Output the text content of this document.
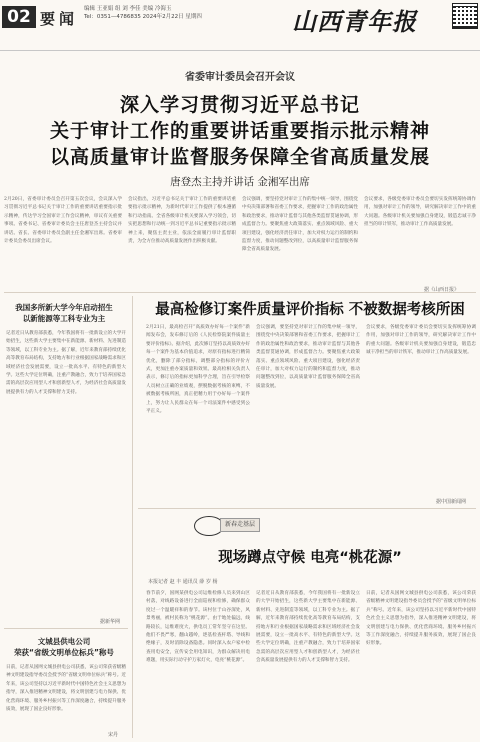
02 要闻
编辑 王亚娟 组 刘 李佳 美编 冷海玉
Tel：0351—4786835 2024年2月22日 星期四	山西青年报
省委审计委员会召开会议
深入学习贯彻习近平总书记
关于审计工作的重要讲话重要指示批示精神
以高质量审计监督服务保障全省高质量发展
唐登杰主持并讲话 金湘军出席
2月20日，省委审计委员会召开第五次会议，会议深入学习贯彻习近平总书记关于审计工作的重要讲话重要指示批示精神，传达学习全国审计工作会议精神，审议有关重要事项。省委书记、省委审计委员会主任唐登杰主持会议并讲话。省长、省委审计委员会副主任金湘军出席。省委审计委员会委员出席会议。
会议指出，习近平总书记关于审计工作的重要讲话重要指示批示精神，为新时代审计工作提供了根本遵循和行动指南。全省各级审计机关要深入学习领会，切实把思想和行动统一到习近平总书记重要指示批示精神上来，聚焦主责主业，依法全面履行审计监督职责，为全方位推动高质量发展作出积极贡献。
会议强调，要坚持党对审计工作的集中统一领导，围绕党中央决策部署和省委工作要求，把握审计工作的政治属性和政治要求，推动审计监督与其他各类监督贯通协调，形成监督合力。要聚焦重大政策落实、重点领域风险、重大项目建设，强化经济责任审计，加大对权力运行的制约和监督力度，推动问题整改到位，以高质量审计监督服务保障全省高质量发展。
会议要求，各级党委审计委员会要切实发挥统筹协调作用，加强对审计工作的领导，研究解决审计工作中的重大问题。各级审计机关要加强自身建设，锻造忠诚干净担当的审计铁军，推动审计工作高质量发展。
我国多所新大学今年启动招生
以新能源等工科专业为主
记者近日从教育部获悉，今年我国将有一批新设立的大学开始招生，这些新大学主要集中在新能源、新材料、先进制造等领域，以工科专业为主。据了解，近年来教育部持续优化高等教育布局结构，支持地方和行业根据国家战略需求和区域经济社会发展需要，设立一批高水平、有特色的新型大学。这些大学定位明确，注重产教融合，致力于培养国家急需的高层次应用型人才和创新型人才，为经济社会高质量发展提供有力的人才支撑和智力支持。
据新华网
文城县供电公司
荣获“省级文明单位标兵”称号
日前，记者从国网文城县供电公司获悉，该公司荣获省级精神文明建设指导委员会授予的“省级文明单位标兵”称号。近年来，该公司坚持以习近平新时代中国特色社会主义思想为指导，深入推进精神文明建设，将文明创建与电力保供、优化营商环境、服务乡村振兴等工作深度融合，持续提升服务质效，展现了国企良好形象。
宋丹
最高检修订案件质量评价指标 不被数据考核所困
2月21日，最高检召开“高质效办好每一个案件”新闻发布会，发布修订后的《人民检察院案件质量主要评价指标》。据介绍，此次修订坚持以高质效办好每一个案件为基本价值追求，对原有指标进行精简优化，删除了部分指标，调整部分指标的评价方式，更加注重办案质量和效果。最高检相关负责人表示，修订后的指标更加科学合理，旨在引导检察人员树立正确的业绩观，摆脱数据考核的束缚，不被数据考核所困，真正把精力用于办好每一个案件上，努力让人民群众在每一个司法案件中感受到公平正义。
会议强调，要坚持党对审计工作的集中统一领导，围绕党中央决策部署和省委工作要求，把握审计工作的政治属性和政治要求，推动审计监督与其他各类监督贯通协调，形成监督合力。要聚焦重大政策落实、重点领域风险、重大项目建设，强化经济责任审计，加大对权力运行的制约和监督力度，推动问题整改到位，以高质量审计监督服务保障全省高质量发展。
会议要求，各级党委审计委员会要切实发挥统筹协调作用，加强对审计工作的领导，研究解决审计工作中的重大问题。各级审计机关要加强自身建设，锻造忠诚干净担当的审计铁军，推动审计工作高质量发展。
据中国新闻网
新春走基层
现场蹲点守候 电亮“桃花源”
本报记者 赵 丰 通讯员 薛 岁 杨
春节前夕，国网某供电公司运维检修人员来到山区村落，对线路设备进行全面巡视和检修，确保群众度过一个温暖祥和的春节。该村位于山谷深处，风景秀丽，被村民称为“桃花源”。由于地处偏远，线路较长，运维难度大，供电员工常年坚守在这里。他们不畏严寒，翻山越岭，逐基检查杆塔、导线和绝缘子，及时消除设备隐患。同时深入农户家中检查用电安全，宣传安全用电知识，为群众解决用电难题，用实际行动守护万家灯火，电亮“桃花源”。
记者近日从教育部获悉，今年我国将有一批新设立的大学开始招生，这些新大学主要集中在新能源、新材料、先进制造等领域，以工科专业为主。据了解，近年来教育部持续优化高等教育布局结构，支持地方和行业根据国家战略需求和区域经济社会发展需要，设立一批高水平、有特色的新型大学。这些大学定位明确，注重产教融合，致力于培养国家急需的高层次应用型人才和创新型人才，为经济社会高质量发展提供有力的人才支撑和智力支持。
日前，记者从国网文城县供电公司获悉，该公司荣获省级精神文明建设指导委员会授予的“省级文明单位标兵”称号。近年来，该公司坚持以习近平新时代中国特色社会主义思想为指导，深入推进精神文明建设，将文明创建与电力保供、优化营商环境、服务乡村振兴等工作深度融合，持续提升服务质效，展现了国企良好形象。
据《山西日报》
